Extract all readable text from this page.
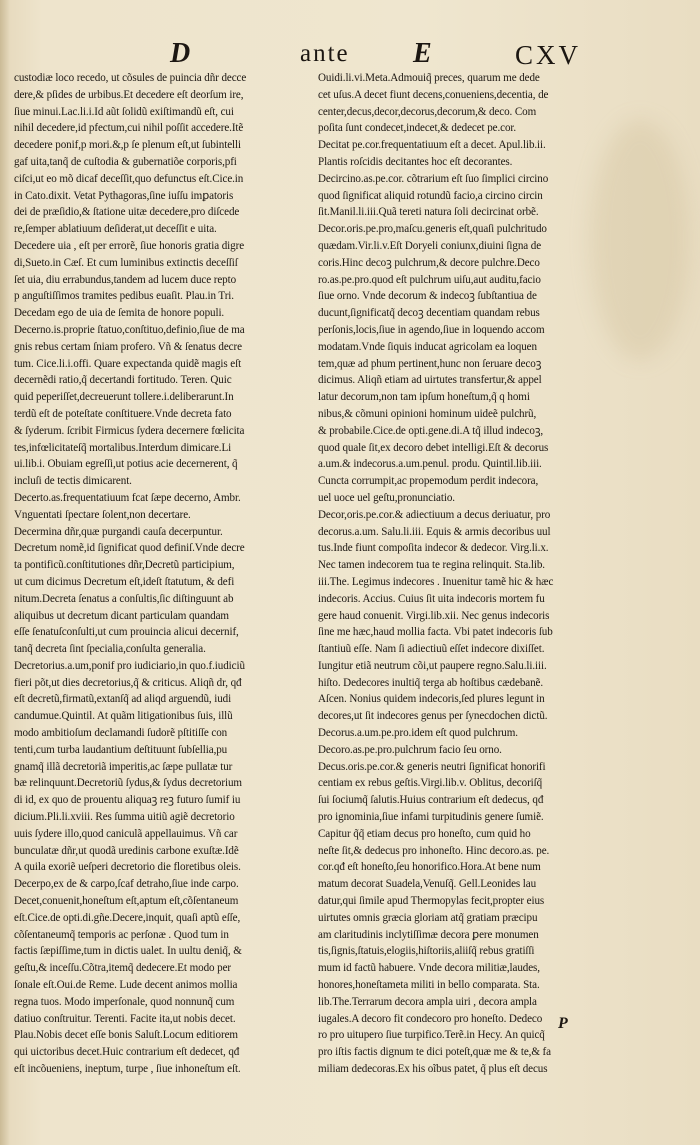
D	ante E	CXV
custodiæ loco recedo, ut cõsules de puincia dñr decce
dere,& pſides de urbibus.Et decedere eſt deorſum ire,
ſiue minui.Lac.li.i.Id aũt ſolidũ exiſtimandũ eſt, cui
nihil decedere,id pfectum,cui nihil poſſit accedere.Itẽ
decedere ponif,p mori.&,p ſe plenum eſt,ut ſubintelli
gaf uita,tanq̃ de cuſtodia & gubernatiõe corporis,pfi
ciſci,ut eo mõ dicaf deceſſit,quo defunctus eſt.Cice.in
in Cato.dixit. Vetat Pythagoras,ſine iuſſu imꝑatoris
dei de præſidio,& ſtatione uitæ decedere,pro diſcede
re,ſemper ablatiuum deſiderat,ut deceſſit e uita.
Decedere uia , eſt per errorẽ, ſiue honoris gratia digre
di,Sueto.in Cæſ. Et cum luminibus extinctis deceſſiſ
ſet uia, diu errabundus,tandem ad lucem duce repto
p anguſtiſſimos tramites pedibus euaſit. Plau.in Tri.
Decedam ego de uia de ſemita de honore populi.
Decerno.is.proprie ſtatuo,conſtituo,definio,ſiue de ma
gnis rebus certam ſniam profero. Vñ & ſenatus decre
tum. Cice.li.i.offi. Quare expectanda quidẽ magis eſt
decernẽdi ratio,q̃ decertandi fortitudo. Teren. Quic
quid peperiſſet,decreuerunt tollere.i.deliberarunt.In
terdũ eſt de poteſtate conſtituere.Vnde decreta fato
& ſyderum. ſcribit Firmicus ſydera decernere fœlicita
tes,infœlicitateſq̃ mortalibus.Interdum dimicare.Li
ui.lib.i. Obuiam egreſſi,ut potius acie decernerent, q̃
incluſi de tectis dimicarent.
Decerto.as.frequentatiuum fcat ſæpe decerno, Ambr.
Vnguentati ſpectare ſolent,non decertare.
Decermina dñr,quæ purgandi cauſa decerpuntur.
Decretum nomẽ,id ſignificat quod definiſ.Vnde decre
ta pontificũ.conſtitutiones dñr,Decretũ participium,
ut cum dicimus Decretum eſt,ideſt ſtatutum, & defi
nitum.Decreta ſenatus a conſultis,ſic diſtinguunt ab
aliquibus ut decretum dicant particulam quandam
eſſe ſenatuſconſulti,ut cum prouincia alicui decernif,
tanq̃ decreta ſint ſpecialia,conſulta generalia.
Decretorius.a.um,ponif pro iudiciario,in quo.f.iudiciũ
fieri põt,ut dies decretorius,q̃ & criticus. Aliqñ dr, qđ
eſt decretũ,firmatũ,extanſq̃ ad aliqd arguendũ, iudi
candumue.Quintil. At quãm litigationibus ſuis, illũ
modo ambitioſum declamandi ſudorẽ pſtitiſſe con
tenti,cum turba laudantium deſtituunt ſubſellia,pu
gnamq̃ illã decretoriã imperitis,ac ſæpe pullatæ tur
bæ relinquunt.Decretoriũ ſydus,& ſydus decretorium
di id, ex quo de prouentu aliquaꝫ reꝫ futuro ſumif iu
dicium.Pli.li.xviii. Res ſumma uitiũ agiẽ decretorio
uuis ſydere illo,quod caniculã appellauimus. Vñ car
bunculatæ dñr,ut quodã uredinis carbone exuſtæ.Idẽ
A quila exoriẽ ueſperi decretorio die floretibus oleis.
Decerpo,ex de & carpo,ſcaf detraho,ſiue inde carpo.
Decet,conuenit,honeſtum eſt,aptum eſt,cõſentaneum
eſt.Cice.de opti.di.gñe.Decere,inquit, quaſi aptũ eſſe,
cõſentaneumq̃ temporis ac perſonæ . Quod tum in
factis ſæpiſſime,tum in dictis ualet. In uultu deniq̃, &
geſtu,& inceſſu.Cõtra,itemq̃ dedecere.Et modo per
ſonale eſt.Oui.de Reme. Lude decent animos mollia
regna tuos. Modo imperſonale, quod nonnunq̃ cum
datiuo conſtruitur. Terenti. Facite ita,ut nobis decet.
Plau.Nobis decet eſſe bonis Saluſt.Locum editiorem
qui uictoribus decet.Huic contrarium eſt dedecet, qđ
eſt incõueniens, ineptum, turpe , ſiue inhoneſtum eſt.
Ouidi.li.vi.Meta.Admouiq̃ preces, quarum me dede
cet uſus.A decet fiunt decens,conueniens,decentia, de
center,decus,decor,decorus,decorum,& deco. Com
poſita ſunt condecet,indecet,& dedecet pe.cor.
Decitat pe.cor.frequentatiuum eſt a decet. Apul.lib.ii.
Plantis roſcidis decitantes hoc eſt decorantes.
Decircino.as.pe.cor. cõtrarium eſt ſuo ſimplici circino
quod ſignificat aliquid rotundũ facio,a circino circin
ſit.Manil.li.iii.Quã tereti natura ſoli decircinat orbẽ.
Decor.oris.pe.pro,maſcu.generis eſt,quaſi pulchritudo
quædam.Vir.li.v.Eſt Doryeli coniunx,diuini ſigna de
coris.Hinc decoꝫ pulchrum,& decore pulchre.Deco
ro.as.pe.pro.quod eſt pulchrum uiſu,aut auditu,facio
ſiue orno. Vnde decorum & indecoꝫ ſubſtantiua de
ducunt,ſignificatq̃ decoꝫ decentiam quandam rebus
perſonis,locis,ſiue in agendo,ſiue in loquendo accom
modatam.Vnde ſiquis inducat agricolam ea loquen
tem,quæ ad phum pertinent,hunc non ſeruare decoꝫ
dicimus. Aliqñ etiam ad uirtutes transfertur,& appel
latur decorum,non tam ipſum honeſtum,q̃ q homi
nibus,& cõmuni opinioni hominum uideẽ pulchrũ,
& probabile.Cice.de opti.gene.di.A tq̃ illud indecoꝫ,
quod quale ſit,ex decoro debet intelligi.Eſt & decorus
a.um.& indecorus.a.um.penul. produ. Quintil.lib.iii.
Cuncta corrumpit,ac propemodum perdit indecora,
uel uoce uel geſtu,pronunciatio.
Decor,oris.pe.cor.& adiectiuum a decus deriuatur, pro
decorus.a.um. Salu.li.iii. Equis & armis decoribus uul
tus.Inde fiunt compoſita indecor & dedecor. Virg.li.x.
Nec tamen indecorem tua te regina relinquit. Sta.lib.
iii.The. Legimus indecores . Inuenitur tamẽ hic & hæc
indecoris. Accius. Cuius ſit uita indecoris mortem fu
gere haud conuenit. Virgi.lib.xii. Nec genus indecoris
ſine me hæc,haud mollia facta. Vbi patet indecoris ſub
ſtantiuũ eſſe. Nam ſi adiectiuũ eſſet indecore dixiſſet.
Iungitur etiã neutrum cõi,ut paupere regno.Salu.li.iii.
hiſto. Dedecores inultiq̃ terga ab hoſtibus cædebanẽ.
Aſcen. Nonius quidem indecoris,ſed plures legunt in
decores,ut ſit indecores genus per ſynecdochen dictũ.
Decorus.a.um.pe.pro.idem eſt quod pulchrum.
Decoro.as.pe.pro.pulchrum facio ſeu orno.
Decus.oris.pe.cor.& generis neutri ſignificat honorifi
centiam ex rebus geſtis.Virgi.lib.v. Oblitus, decoriſq̃
ſui ſociumq̃ ſalutis.Huius contrarium eſt dedecus, qđ
pro ignominia,ſiue infami turpitudinis genere ſumiẽ.
Capitur q̃q̃ etiam decus pro honeſto, cum quid ho
neſte ſit,& dedecus pro inhoneſto. Hinc decoro.as. pe.
cor.qđ eſt honeſto,ſeu honorifico.Hora.At bene num
matum decorat Suadela,Venuſq̃. Gell.Leonides lau
datur,qui ſimile apud Thermopylas fecit,propter eius
uirtutes omnis græcia gloriam atq̃ gratiam præcipu
am claritudinis inclytiſſimæ decora ꝑere monumen
tis,ſignis,ſtatuis,elogiis,hiſtoriis,aliiſq̃ rebus gratiſſi
mum id factũ habuere. Vnde decora militiæ,laudes,
honores,honeſtameta militi in bello comparata. Sta.
lib.The.Terrarum decora ampla uiri , decora ampla
iugales.A decoro fit condecoro pro honeſto. Dedeco
ro pro uitupero ſiue turpifico.Terẽ.in Hecy. An quicq̃
pro iſtis factis dignum te dici poteſt,quæ me & te,& fa
miliam dedecoras.Ex his oĩbus patet, q̃ plus eſt decus
P
